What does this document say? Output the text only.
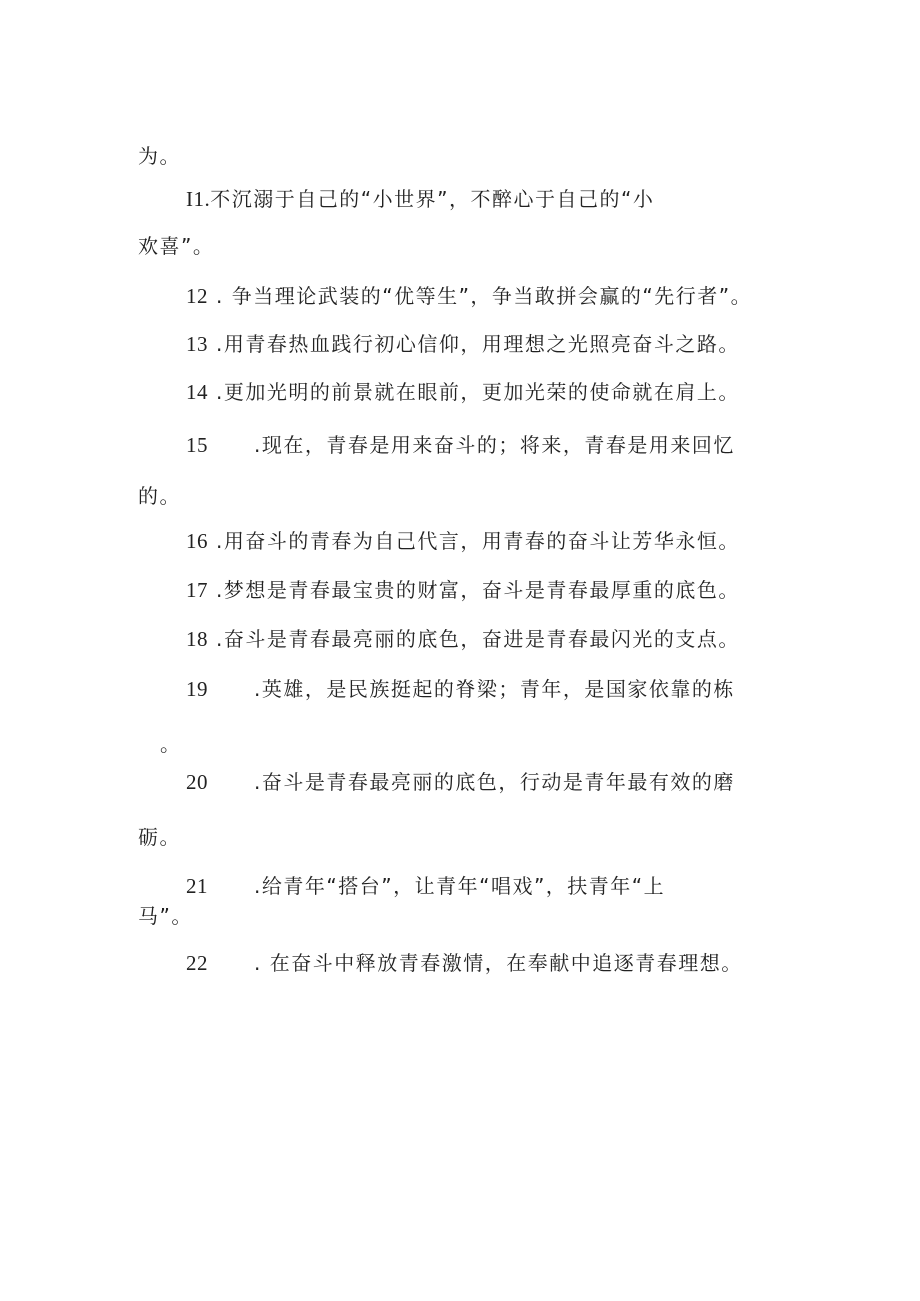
为。
I1.不沉溺于自己的“小世界”，不醉心于自己的“小
欢喜”。
12 . 争当理论武装的“优等生”，争当敢拼会赢的“先行者”。
13 .用青春热血践行初心信仰，用理想之光照亮奋斗之路。
14 .更加光明的前景就在眼前，更加光荣的使命就在肩上。
15 .现在，青春是用来奋斗的；将来，青春是用来回忆
的。
16 .用奋斗的青春为自己代言，用青春的奋斗让芳华永恒。
17 .梦想是青春最宝贵的财富，奋斗是青春最厚重的底色。
18 .奋斗是青春最亮丽的底色，奋进是青春最闪光的支点。
19 .英雄，是民族挺起的脊梁；青年，是国家依靠的栋
。
20 .奋斗是青春最亮丽的底色，行动是青年最有效的磨
砺。
21 .给青年“搭台”，让青年“唱戏”，扶青年“上
马”。
22 . 在奋斗中释放青春激情，在奉献中追逐青春理想。
